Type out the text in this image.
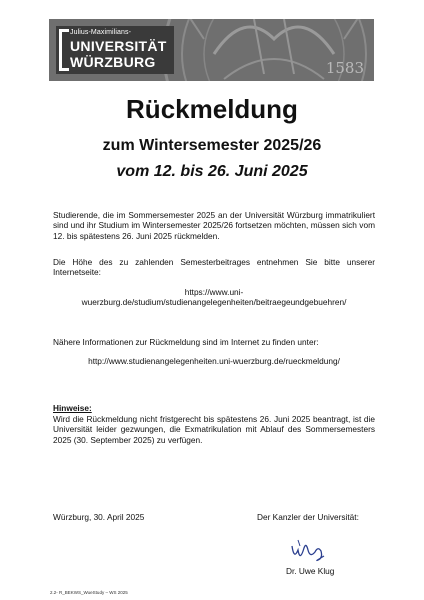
Julius-Maximilians-
UNIVERSITÄT
WÜRZBURG	1583
Rückmeldung
zum Wintersemester 2025/26
vom 12. bis 26. Juni 2025
Studierende, die im Sommersemester 2025 an der Universität Würzburg immatrikuliert sind und ihr Studium im Wintersemester 2025/26 fortsetzen möchten, müssen sich vom 12. bis spätestens 26. Juni 2025 rückmelden.
Die Höhe des zu zahlenden Semesterbeitrages entnehmen Sie bitte unserer Internetseite:
https://www.uni-
wuerzburg.de/studium/studienangelegenheiten/beitraegeundgebuehren/
Nähere Informationen zur Rückmeldung sind im Internet zu finden unter:
http://www.studienangelegenheiten.uni-wuerzburg.de/rueckmeldung/
Hinweise:
Wird die Rückmeldung nicht fristgerecht bis spätestens 26. Juni 2025 beantragt, ist die Universität leider gezwungen, die Exmatrikulation mit Ablauf des Sommersemesters 2025 (30. September 2025) zu verfügen.
Würzburg, 30. April 2025	Der Kanzler der Universität:
Dr. Uwe Klug
2.2- R_BEKWS_WueStudy – WS 2025
